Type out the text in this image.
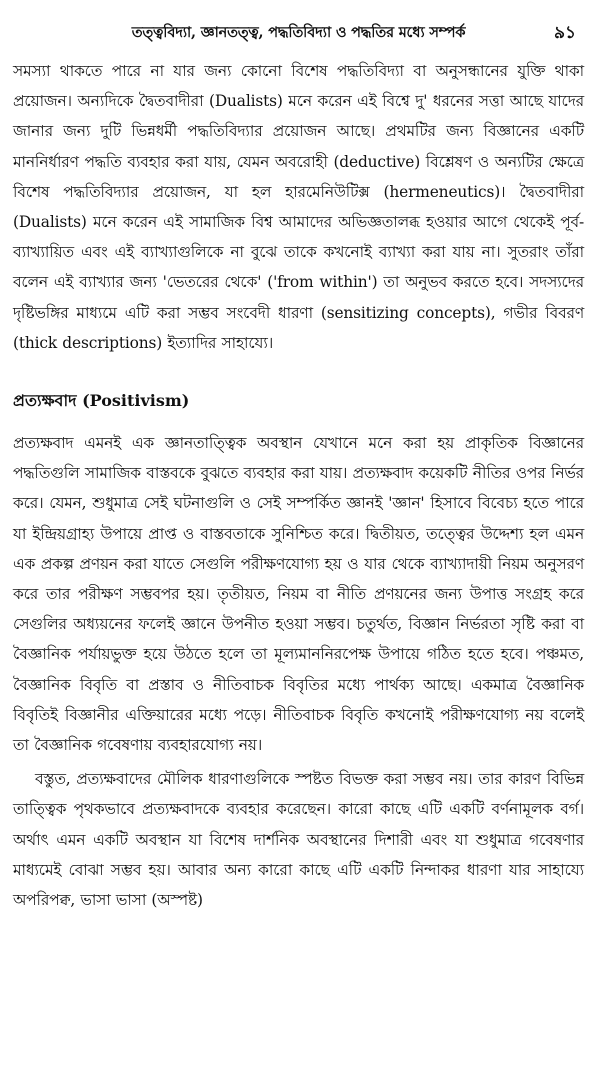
তত্ত্ববিদ্যা, জ্ঞানতত্ত্ব, পদ্ধতিবিদ্যা ও পদ্ধতির মধ্যে সম্পর্ক	৯১

সমস্যা থাকতে পারে না যার জন্য কোনো বিশেষ পদ্ধতিবিদ্যা বা অনুসন্ধানের যুক্তি থাকা প্রয়োজন। অন্যদিকে দ্বৈতবাদীরা (Dualists) মনে করেন এই বিশ্বে দু' ধরনের সত্তা আছে যাদের জানার জন্য দুটি ভিন্নধর্মী পদ্ধতিবিদ্যার প্রয়োজন আছে। প্রথমটির জন্য বিজ্ঞানের একটি মাননির্ধারণ পদ্ধতি ব্যবহার করা যায়, যেমন অবরোহী (deductive) বিশ্লেষণ ও অন্যটির ক্ষেত্রে বিশেষ পদ্ধতিবিদ্যার প্রয়োজন, যা হল হারমেনিউটিক্স (hermeneutics)। দ্বৈতবাদীরা (Dualists) মনে করেন এই সামাজিক বিশ্ব আমাদের অভিজ্ঞতালব্ধ হওয়ার আগে থেকেই পূর্ব-ব্যাখ্যায়িত এবং এই ব্যাখ্যাগুলিকে না বুঝে তাকে কখনোই ব্যাখ্যা করা যায় না। সুতরাং তাঁরা বলেন এই ব্যাখ্যার জন্য 'ভেতরের থেকে' ('from within') তা অনুভব করতে হবে। সদস্যদের দৃষ্টিভঙ্গির মাধ্যমে এটি করা সম্ভব সংবেদী ধারণা (sensitizing concepts), গভীর বিবরণ (thick descriptions) ইত্যাদির সাহায্যে।

প্রত্যক্ষবাদ (Positivism)

প্রত্যক্ষবাদ এমনই এক জ্ঞানতাত্ত্বিক অবস্থান যেখানে মনে করা হয় প্রাকৃতিক বিজ্ঞানের পদ্ধতিগুলি সামাজিক বাস্তবকে বুঝতে ব্যবহার করা যায়। প্রত্যক্ষবাদ কয়েকটি নীতির ওপর নির্ভর করে। যেমন, শুধুমাত্র সেই ঘটনাগুলি ও সেই সম্পর্কিত জ্ঞানই 'জ্ঞান' হিসাবে বিবেচ্য হতে পারে যা ইন্দ্রিয়গ্রাহ্য উপায়ে প্রাপ্ত ও বাস্তবতাকে সুনিশ্চিত করে। দ্বিতীয়ত, তত্ত্বের উদ্দেশ্য হল এমন এক প্রকল্প প্রণয়ন করা যাতে সেগুলি পরীক্ষণযোগ্য হয় ও যার থেকে ব্যাখ্যাদায়ী নিয়ম অনুসরণ করে তার পরীক্ষণ সম্ভবপর হয়। তৃতীয়ত, নিয়ম বা নীতি প্রণয়নের জন্য উপাত্ত সংগ্রহ করে সেগুলির অধ্যয়নের ফলেই জ্ঞানে উপনীত হওয়া সম্ভব। চতুর্থত, বিজ্ঞান নির্ভরতা সৃষ্টি করা বা বৈজ্ঞানিক পর্যায়ভুক্ত হয়ে উঠতে হলে তা মূল্যমাননিরপেক্ষ উপায়ে গঠিত হতে হবে। পঞ্চমত, বৈজ্ঞানিক বিবৃতি বা প্রস্তাব ও নীতিবাচক বিবৃতির মধ্যে পার্থক্য আছে। একমাত্র বৈজ্ঞানিক বিবৃতিই বিজ্ঞানীর এক্তিয়ারের মধ্যে পড়ে। নীতিবাচক বিবৃতি কখনোই পরীক্ষণযোগ্য নয় বলেই তা বৈজ্ঞানিক গবেষণায় ব্যবহারযোগ্য নয়।

বস্তুত, প্রত্যক্ষবাদের মৌলিক ধারণাগুলিকে স্পষ্টত বিভক্ত করা সম্ভব নয়। তার কারণ বিভিন্ন তাত্ত্বিক পৃথকভাবে প্রত্যক্ষবাদকে ব্যবহার করেছেন। কারো কাছে এটি একটি বর্ণনামূলক বর্গ। অর্থাৎ এমন একটি অবস্থান যা বিশেষ দার্শনিক অবস্থানের দিশারী এবং যা শুধুমাত্র গবেষণার মাধ্যমেই বোঝা সম্ভব হয়। আবার অন্য কারো কাছে এটি একটি নিন্দাকর ধারণা যার সাহায্যে অপরিপক্ব, ভাসা ভাসা (অস্পষ্ট)
